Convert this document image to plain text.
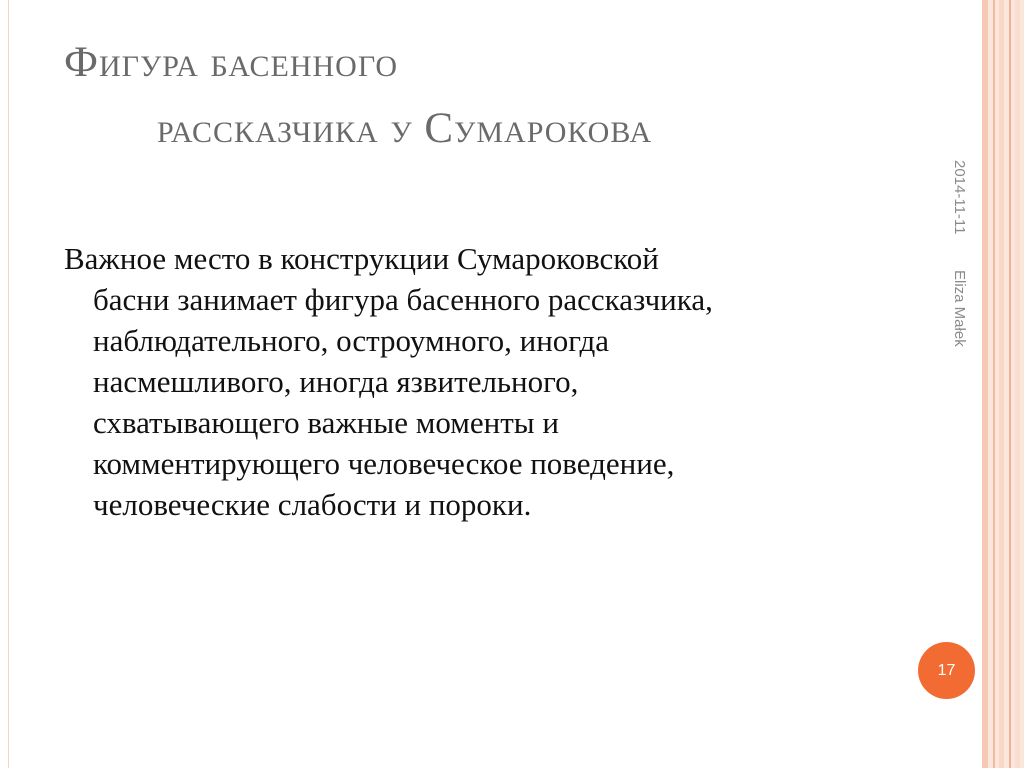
Фигура басенного
рассказчика у Сумарокова
Важное место в конструкции Сумароковской
басни занимает фигура басенного рассказчика,
наблюдательного, остроумного, иногда
насмешливого, иногда язвительного,
схватывающего важные моменты и
комментирующего человеческое поведение,
человеческие слабости и пороки.
2014-11-11
Eliza Małek
17
